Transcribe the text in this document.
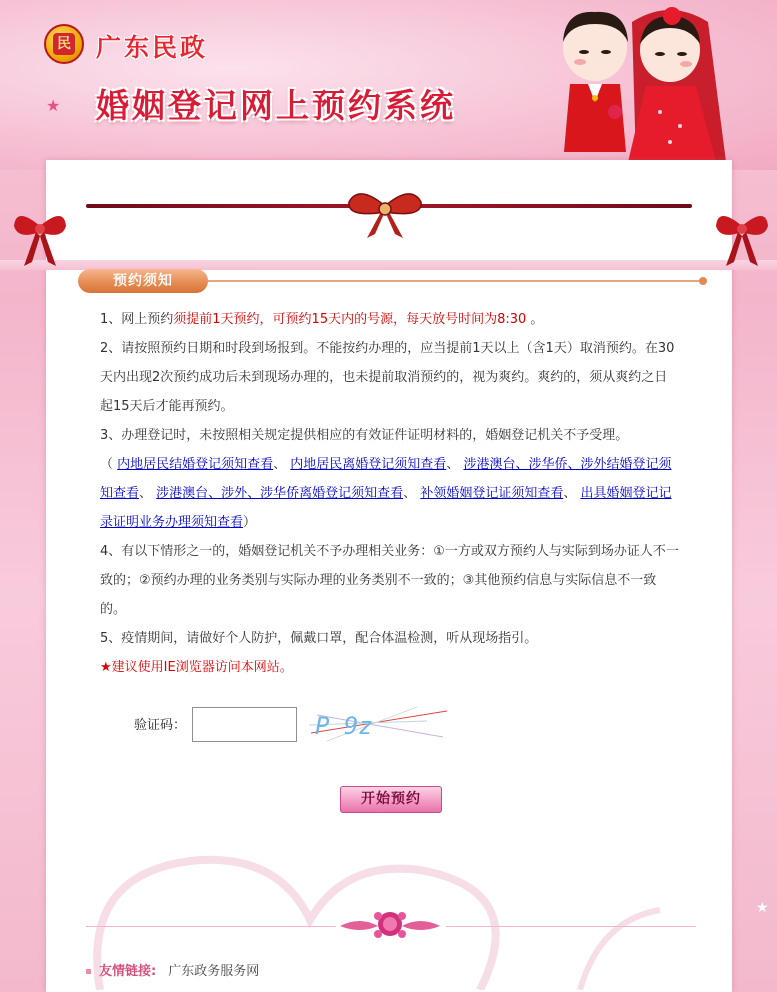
民 广东民政
婚姻登记网上预约系统
★
预约须知

1、网上预约须提前1天预约，可预约15天内的号源，每天放号时间为8:30 。

2、请按照预约日期和时段到场报到。不能按约办理的，应当提前1天以上（含1天）取消预约。在30天内出现2次预约成功后未到现场办理的，也未提前取消预约的，视为爽约。爽约的，须从爽约之日起15天后才能再预约。

3、办理登记时，未按照相关规定提供相应的有效证件证明材料的，婚姻登记机关不予受理。

（ 内地居民结婚登记须知查看、 内地居民离婚登记须知查看、 涉港澳台、涉华侨、涉外结婚登记须知查看、 涉港澳台、涉外、涉华侨离婚登记须知查看、 补领婚姻登记证须知查看、 出具婚姻登记记录证明业务办理须知查看）

4、有以下情形之一的，婚姻登记机关不予办理相关业务：①一方或双方预约人与实际到场办证人不一致的；②预约办理的业务类别与实际办理的业务类别不一致的；③其他预约信息与实际信息不一致的。

5、疫情期间，请做好个人防护，佩戴口罩，配合体温检测，听从现场指引。

★建议使用IE浏览器访问本网站。

验证码：	P 9z
开始预约
友情链接: 广东政务服务网
★
